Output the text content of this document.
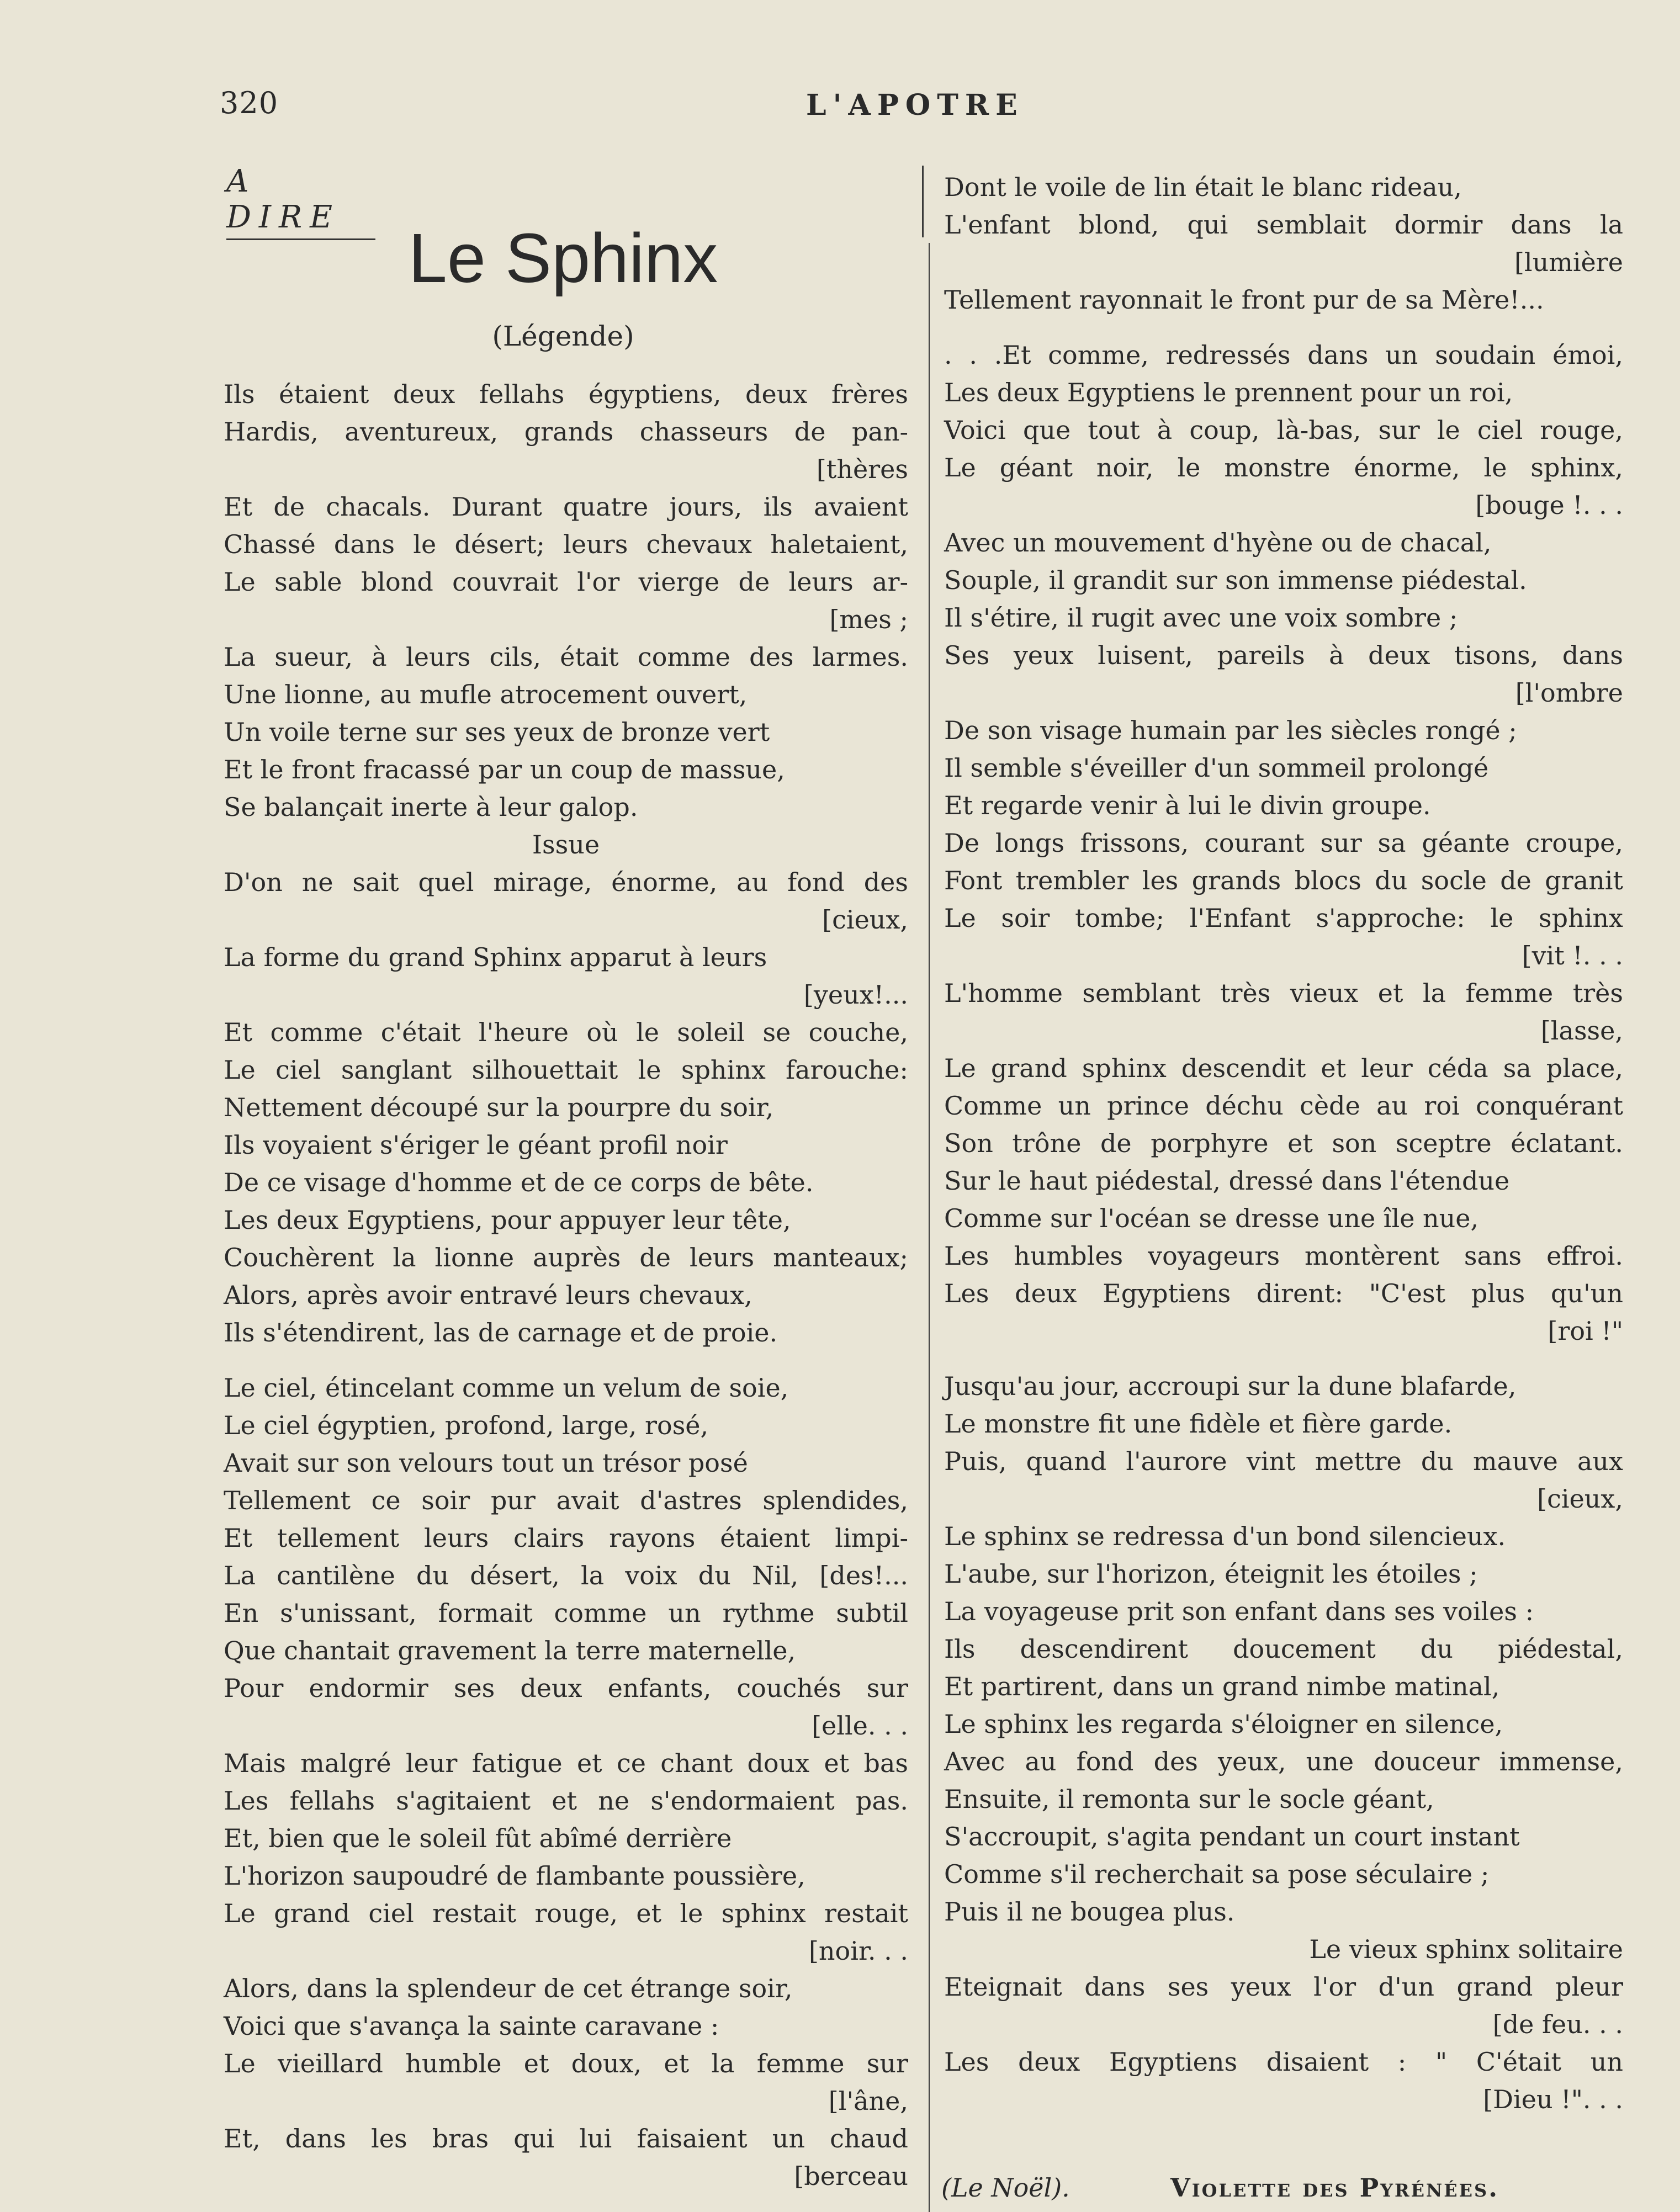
320	L'APOTRE
A DIRE
Le Sphinx
(Légende)
Ils étaient deux fellahs égyptiens, deux frères
Hardis, aventureux, grands chasseurs de pan-
[thères
Et de chacals. Durant quatre jours, ils avaient
Chassé dans le désert; leurs chevaux haletaient,
Le sable blond couvrait l'or vierge de leurs ar-
[mes ;
La sueur, à leurs cils, était comme des larmes.
Une lionne, au mufle atrocement ouvert,
Un voile terne sur ses yeux de bronze vert
Et le front fracassé par un coup de massue,
Se balançait inerte à leur galop.
Issue
D'on ne sait quel mirage, énorme, au fond des
[cieux,
La forme du grand Sphinx apparut à leurs
[yeux!...
Et comme c'était l'heure où le soleil se couche,
Le ciel sanglant silhouettait le sphinx farouche:
Nettement découpé sur la pourpre du soir,
Ils voyaient s'ériger le géant profil noir
De ce visage d'homme et de ce corps de bête.
Les deux Egyptiens, pour appuyer leur tête,
Couchèrent la lionne auprès de leurs manteaux;
Alors, après avoir entravé leurs chevaux,
Ils s'étendirent, las de carnage et de proie.
Le ciel, étincelant comme un velum de soie,
Le ciel égyptien, profond, large, rosé,
Avait sur son velours tout un trésor posé
Tellement ce soir pur avait d'astres splendides,
Et tellement leurs clairs rayons étaient limpi-
La cantilène du désert, la voix du Nil, [des!...
En s'unissant, formait comme un rythme subtil
Que chantait gravement la terre maternelle,
Pour endormir ses deux enfants, couchés sur
[elle. . .
Mais malgré leur fatigue et ce chant doux et bas
Les fellahs s'agitaient et ne s'endormaient pas.
Et, bien que le soleil fût abîmé derrière
L'horizon saupoudré de flambante poussière,
Le grand ciel restait rouge, et le sphinx restait
[noir. . .
Alors, dans la splendeur de cet étrange soir,
Voici que s'avança la sainte caravane :
Le vieillard humble et doux, et la femme sur
[l'âne,
Et, dans les bras qui lui faisaient un chaud
[berceau
Dont le voile de lin était le blanc rideau,
L'enfant blond, qui semblait dormir dans la
[lumière
Tellement rayonnait le front pur de sa Mère!...
. . .Et comme, redressés dans un soudain émoi,
Les deux Egyptiens le prennent pour un roi,
Voici que tout à coup, là-bas, sur le ciel rouge,
Le géant noir, le monstre énorme, le sphinx,
[bouge !. . .
Avec un mouvement d'hyène ou de chacal,
Souple, il grandit sur son immense piédestal.
Il s'étire, il rugit avec une voix sombre ;
Ses yeux luisent, pareils à deux tisons, dans
[l'ombre
De son visage humain par les siècles rongé ;
Il semble s'éveiller d'un sommeil prolongé
Et regarde venir à lui le divin groupe.
De longs frissons, courant sur sa géante croupe,
Font trembler les grands blocs du socle de granit
Le soir tombe; l'Enfant s'approche: le sphinx
[vit !. . .
L'homme semblant très vieux et la femme très
[lasse,
Le grand sphinx descendit et leur céda sa place,
Comme un prince déchu cède au roi conquérant
Son trône de porphyre et son sceptre éclatant.
Sur le haut piédestal, dressé dans l'étendue
Comme sur l'océan se dresse une île nue,
Les humbles voyageurs montèrent sans effroi.
Les deux Egyptiens dirent: "C'est plus qu'un
[roi !"
Jusqu'au jour, accroupi sur la dune blafarde,
Le monstre fit une fidèle et fière garde.
Puis, quand l'aurore vint mettre du mauve aux
[cieux,
Le sphinx se redressa d'un bond silencieux.
L'aube, sur l'horizon, éteignit les étoiles ;
La voyageuse prit son enfant dans ses voiles :
Ils descendirent doucement du piédestal,
Et partirent, dans un grand nimbe matinal,
Le sphinx les regarda s'éloigner en silence,
Avec au fond des yeux, une douceur immense,
Ensuite, il remonta sur le socle géant,
S'accroupit, s'agita pendant un court instant
Comme s'il recherchait sa pose séculaire ;
Puis il ne bougea plus.
Le vieux sphinx solitaire
Eteignait dans ses yeux l'or d'un grand pleur
[de feu. . .
Les deux Egyptiens disaient : " C'était un
[Dieu !". . .
(Le Noël).	Violette des Pyrénées.
